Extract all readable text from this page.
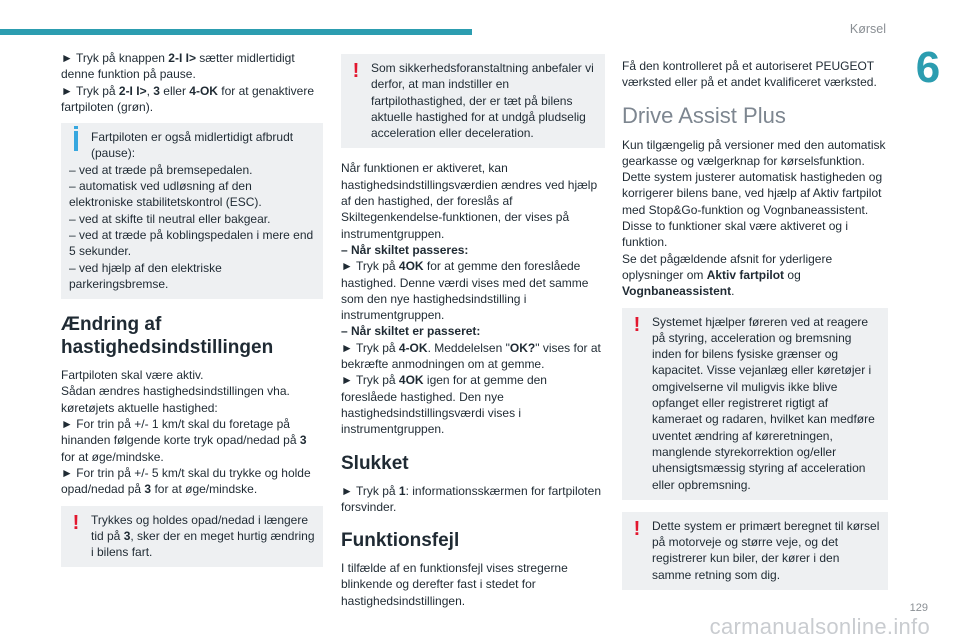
Kørsel
6

► Tryk på knappen 2-I I> sætter midlertidigt denne funktion på pause.

► Tryk på 2-I I>, 3 eller 4-OK for at genaktivere fartpiloten (grøn).

Fartpiloten er også midlertidigt afbrudt (pause):

– ved at træde på bremsepedalen.

– automatisk ved udløsning af den elektroniske stabilitetskontrol (ESC).

– ved at skifte til neutral eller bakgear.

– ved at træde på koblingspedalen i mere end 5 sekunder.

– ved hjælp af den elektriske parkeringsbremse.

Ændring af hastighedsindstillingen

Fartpiloten skal være aktiv.

Sådan ændres hastighedsindstillingen vha. køretøjets aktuelle hastighed:

► For trin på +/- 1 km/t skal du foretage på hinanden følgende korte tryk opad/nedad på 3 for at øge/mindske.

► For trin på +/- 5 km/t skal du trykke og holde opad/nedad på 3 for at øge/mindske.

! Trykkes og holdes opad/nedad i længere tid på 3, sker der en meget hurtig ændring i bilens fart.

! Som sikkerhedsforanstaltning anbefaler vi derfor, at man indstiller en fartpilothastighed, der er tæt på bilens aktuelle hastighed for at undgå pludselig acceleration eller deceleration.

Når funktionen er aktiveret, kan hastighedsindstillingsværdien ændres ved hjælp af den hastighed, der foreslås af Skiltegenkendelse-funktionen, der vises på instrumentgruppen.

– Når skiltet passeres:

► Tryk på 4OK for at gemme den foreslåede hastighed. Denne værdi vises med det samme som den nye hastighedsindstilling i instrumentgruppen.

– Når skiltet er passeret:

► Tryk på 4-OK. Meddelelsen "OK?" vises for at bekræfte anmodningen om at gemme.

► Tryk på 4OK igen for at gemme den foreslåede hastighed. Den nye hastighedsindstillingsværdi vises i instrumentgruppen.

Slukket

► Tryk på 1: informationsskærmen for fartpiloten forsvinder.

Funktionsfejl

I tilfælde af en funktionsfejl vises stregerne blinkende og derefter fast i stedet for hastighedsindstillingen.

Få den kontrolleret på et autoriseret PEUGEOT værksted eller på et andet kvalificeret værksted.

Drive Assist Plus

Kun tilgængelig på versioner med den automatisk gearkasse og vælgerknap for kørselsfunktion.

Dette system justerer automatisk hastigheden og korrigerer bilens bane, ved hjælp af Aktiv fartpilot med Stop&Go-funktion og Vognbaneassistent.

Disse to funktioner skal være aktiveret og i funktion.

Se det pågældende afsnit for yderligere oplysninger om Aktiv fartpilot og Vognbaneassistent.

! Systemet hjælper føreren ved at reagere på styring, acceleration og bremsning inden for bilens fysiske grænser og kapacitet. Visse vejanlæg eller køretøjer i omgivelserne vil muligvis ikke blive opfanget eller registreret rigtigt af kameraet og radaren, hvilket kan medføre uventet ændring af køreretningen, manglende styrekorrektion og/eller uhensigtsmæssig styring af acceleration eller opbremsning.

! Dette system er primært beregnet til kørsel på motorveje og større veje, og det registrerer kun biler, der kører i den samme retning som dig.

carmanualsonline.info
129
